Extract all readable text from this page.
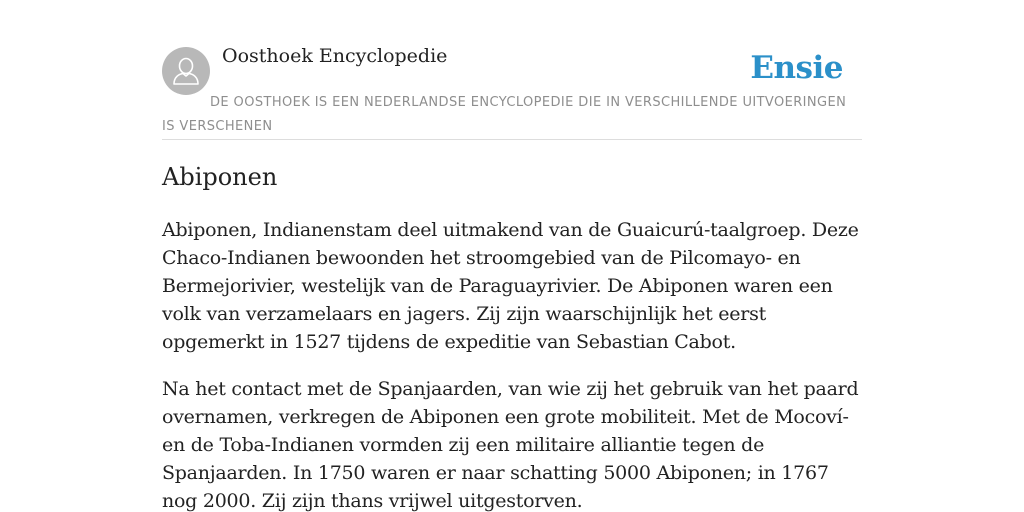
Oosthoek Encyclopedie	Ensie
DE OOSTHOEK IS EEN NEDERLANDSE ENCYCLOPEDIE DIE IN VERSCHILLENDE UITVOERINGEN IS VERSCHENEN
Abiponen

Abiponen, Indianenstam deel uitmakend van de Guaicurú-taalgroep. Deze Chaco-Indianen bewoonden het stroomgebied van de Pilcomayo- en Bermejorivier, westelijk van de Paraguayrivier. De Abiponen waren een volk van verzamelaars en jagers. Zij zijn waarschijnlijk het eerst opgemerkt in 1527 tijdens de expeditie van Sebastian Cabot.

Na het contact met de Spanjaarden, van wie zij het gebruik van het paard overnamen, verkregen de Abiponen een grote mobiliteit. Met de Mocoví- en de Toba-Indianen vormden zij een militaire alliantie tegen de Spanjaarden. In 1750 waren er naar schatting 5000 Abiponen; in 1767 nog 2000. Zij zijn thans vrijwel uitgestorven.
